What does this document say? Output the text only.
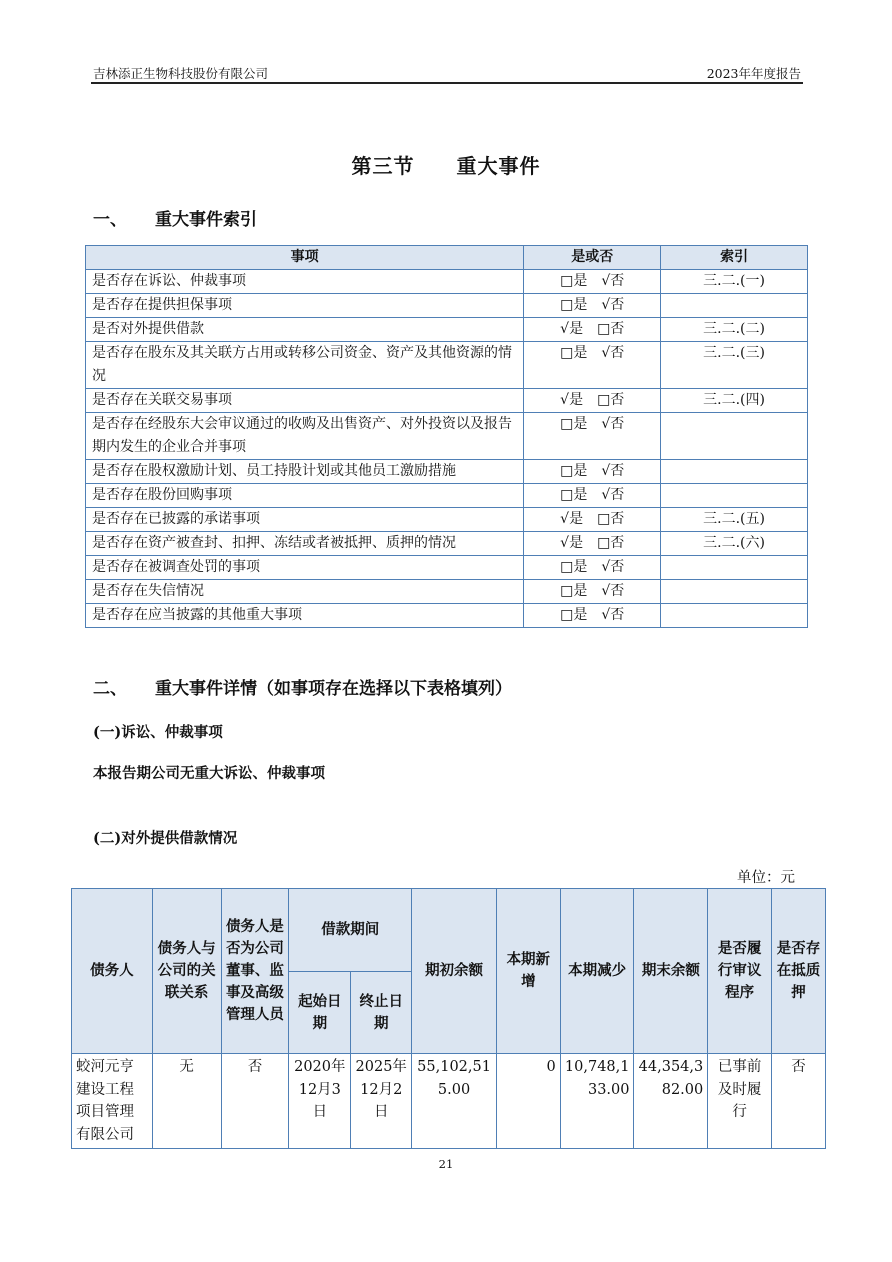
吉林添正生物科技股份有限公司	2023年年度报告
第三节　　重大事件
一、 重大事件索引
事项	是或否	索引
是否存在诉讼、仲裁事项	□是　√否	三.二.(一)
是否存在提供担保事项	□是　√否	
是否对外提供借款	√是　□否	三.二.(二)
是否存在股东及其关联方占用或转移公司资金、资产及其他资源的情况	□是　√否	三.二.(三)
是否存在关联交易事项	√是　□否	三.二.(四)
是否存在经股东大会审议通过的收购及出售资产、对外投资以及报告期内发生的企业合并事项	□是　√否	
是否存在股权激励计划、员工持股计划或其他员工激励措施	□是　√否	
是否存在股份回购事项	□是　√否	
是否存在已披露的承诺事项	√是　□否	三.二.(五)
是否存在资产被查封、扣押、冻结或者被抵押、质押的情况	√是　□否	三.二.(六)
是否存在被调查处罚的事项	□是　√否	
是否存在失信情况	□是　√否	
是否存在应当披露的其他重大事项	□是　√否	
二、 重大事件详情（如事项存在选择以下表格填列）
(一)诉讼、仲裁事项
本报告期公司无重大诉讼、仲裁事项
(二)对外提供借款情况
单位：元
债务人	债务人与公司的关联关系	债务人是否为公司董事、监事及高级管理人员	借款期间		期初余额	本期新增	本期减少	期末余额	是否履行审议程序	是否存在抵质押
			起始日期	终止日期						
蛟河元亨建设工程项目管理有限公司	无	否	2020年12月3日	2025年12月2日	55,102,515.00	0	10,748,133.00	44,354,382.00	已事前及时履行	否
21
